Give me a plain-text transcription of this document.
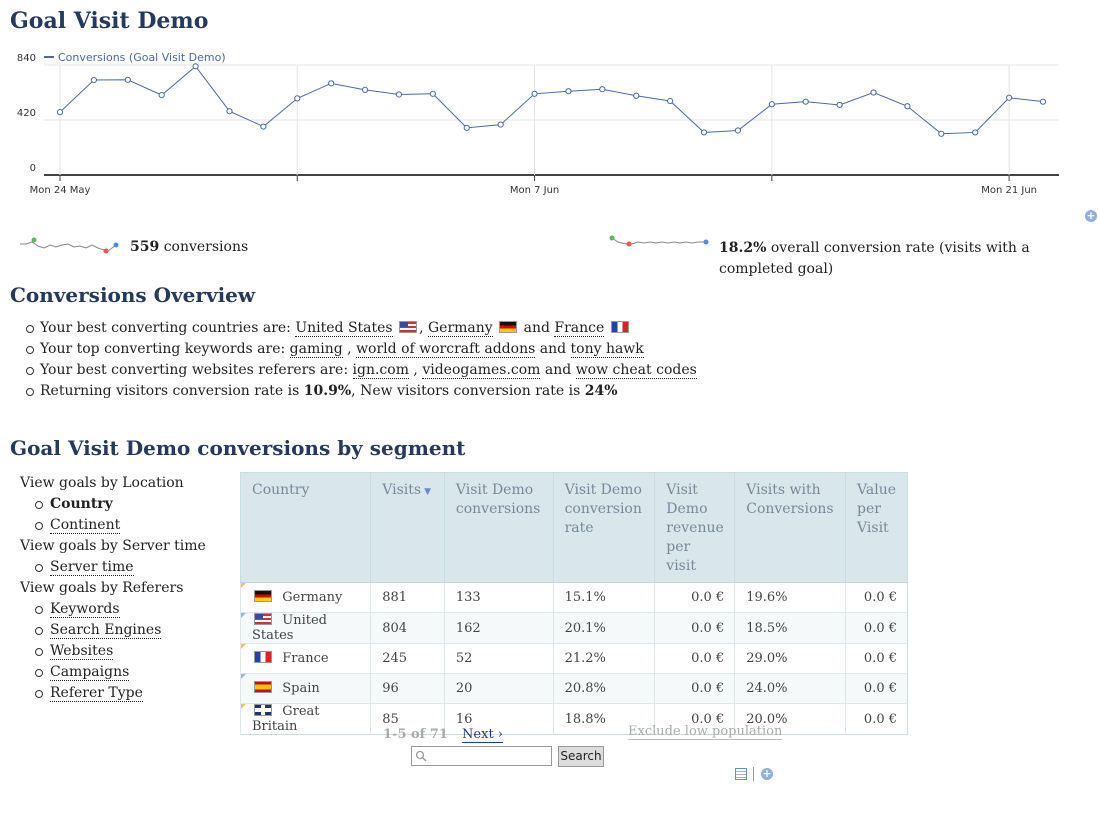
Goal Visit Demo
Conversions (Goal Visit Demo)
840
420
0
Mon 24 May	Mon 7 Jun	Mon 21 Jun
+
559 conversions	18.2% overall conversion rate (visits with a
completed goal)
Conversions Overview
Your best converting countries are: United States , Germany and France
Your top converting keywords are: gaming , world of worcraft addons and tony hawk
Your best converting websites referers are: ign.com , videogames.com and wow cheat codes
Returning visitors conversion rate is 10.9%, New visitors conversion rate is 24%
Goal Visit Demo conversions by segment
View goals by Location
Country
Continent
View goals by Server time
Server time
View goals by Referers
Keywords
Search Engines
Websites
Campaigns
Referer Type
Country	Visits ▼	Visit Demo conversions	Visit Demo conversion rate	Visit Demo revenue per visit	Visits with Conversions	Value per Visit

Germany	881	133	15.1%	0.0 €	19.6%	0.0 €

United States	804	162	20.1%	0.0 €	18.5%	0.0 €

France	245	52	21.2%	0.0 €	29.0%	0.0 €

Spain	96	20	20.8%	0.0 €	24.0%	0.0 €

Great Britain	85	16	18.8%	0.0 €	20.0%	0.0 €
1-5 of 71 Next ›	Exclude low population
Search
+
